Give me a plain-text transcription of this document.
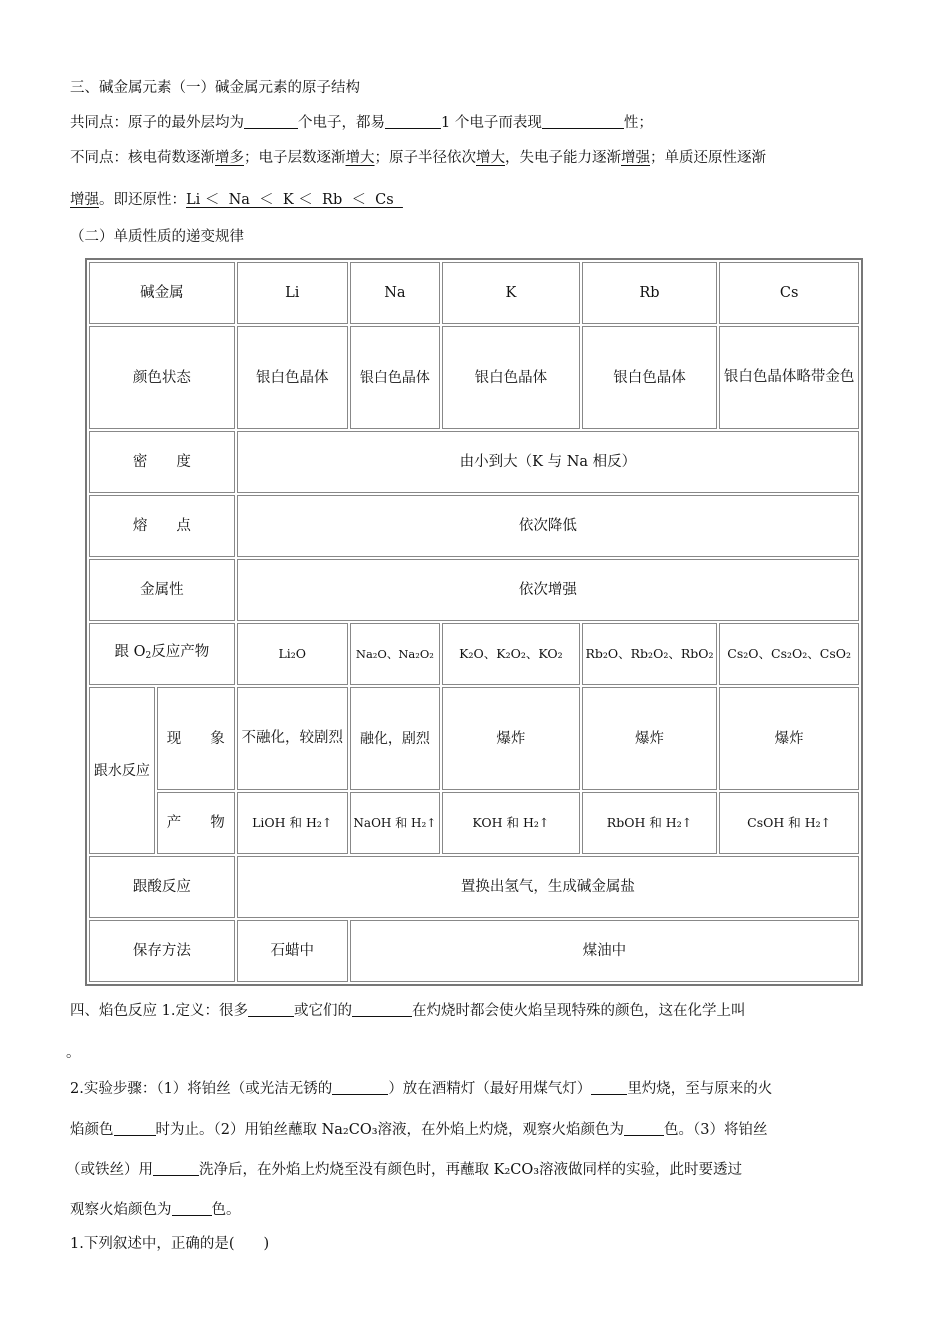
三、碱金属元素（一）碱金属元素的原子结构
共同点：原子的最外层均为	个电子，都易	1 个电子而表现	性；
不同点：核电荷数逐渐增多；电子层数逐渐增大；原子半径依次增大，失电子能力逐渐增强；单质还原性逐渐
增强。即还原性：Li ＜  Na  ＜  K ＜  Rb  ＜  Cs
（二）单质性质的递变规律
碱金属		Li	Na	K	Rb	Cs
颜色状态		银白色晶体	银白色晶体	银白色晶体	银白色晶体	银白色晶体略带金色
密　　度		由小到大（K 与 Na 相反）				
熔　　点		依次降低				
金属性		依次增强				
跟 $O_2$反应产物		Li₂O	Na₂O、Na₂O₂	K₂O、K₂O₂、KO₂	Rb₂O、Rb₂O₂、RbO₂	Cs₂O、Cs₂O₂、CsO₂
跟水反应	现　　象	不融化，较剧烈	融化，剧烈	爆炸	爆炸	爆炸
	产　　物	LiOH 和 H₂↑	NaOH 和 H₂↑	KOH 和 H₂↑	RbOH 和 H₂↑	CsOH 和 H₂↑
跟酸反应		置换出氢气，生成碱金属盐				
保存方法		石蜡中	煤油中			
四、焰色反应 1.定义：很多	或它们的	在灼烧时都会使火焰呈现特殊的颜色，这在化学上叫
。
2.实验步骤：（1）将铂丝（或光洁无锈的	）放在酒精灯（最好用煤气灯） 里灼烧，至与原来的火
焰颜色	时为止。（2）用铂丝蘸取 Na₂CO₃溶液，在外焰上灼烧，观察火焰颜色为	色。（3）将铂丝
（或铁丝）用	洗净后，在外焰上灼烧至没有颜色时，再蘸取 K₂CO₃溶液做同样的实验，此时要透过
观察火焰颜色为	色。
1.下列叙述中，正确的是(　　)
